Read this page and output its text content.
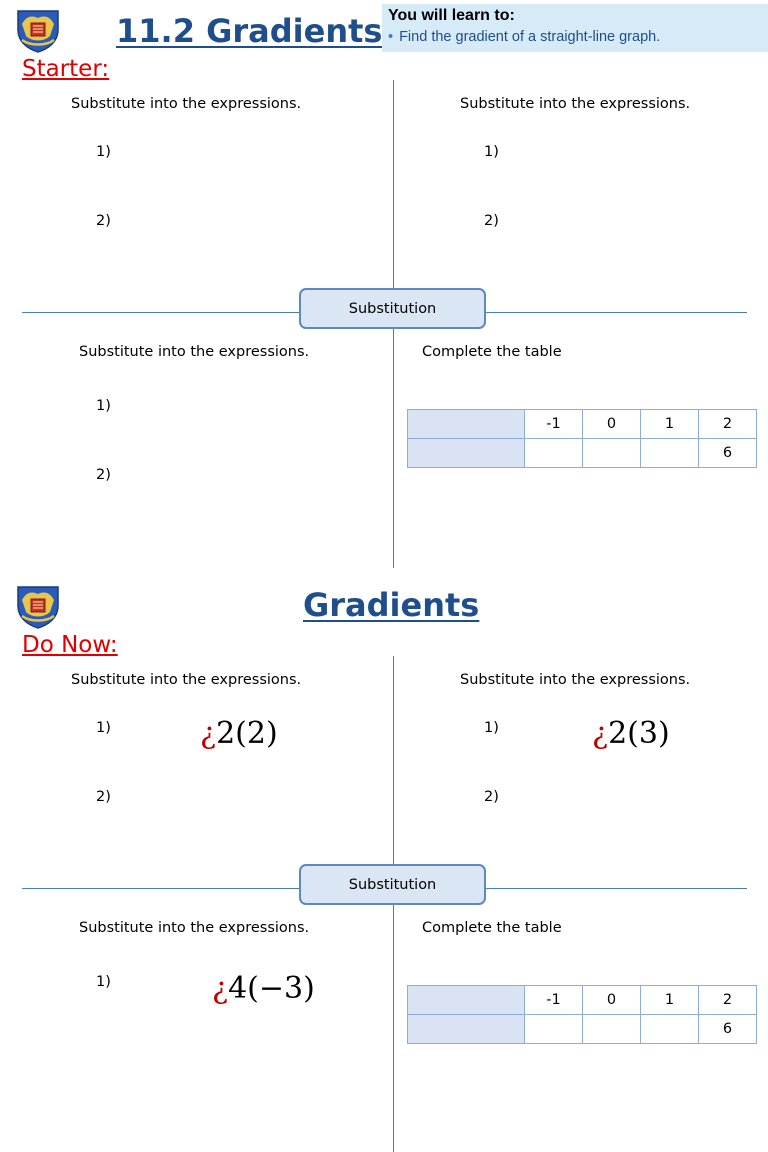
11.2 Gradients You will learn to:
• Find the gradient of a straight-line graph.
Starter:
Substitution
Substitute into the expressions.
1)
2)
Substitute into the expressions.
1)
2)
Substitute into the expressions.
1)
2)
Complete the table
	-1	0	1	2
				6
Gradients
Do Now:
Substitution
Substitute into the expressions.
1)	¿2(2)
2)
Substitute into the expressions.
1)	¿2(3)
2)
Substitute into the expressions.
1)	¿4(−3)
Complete the table
	-1	0	1	2
				6
